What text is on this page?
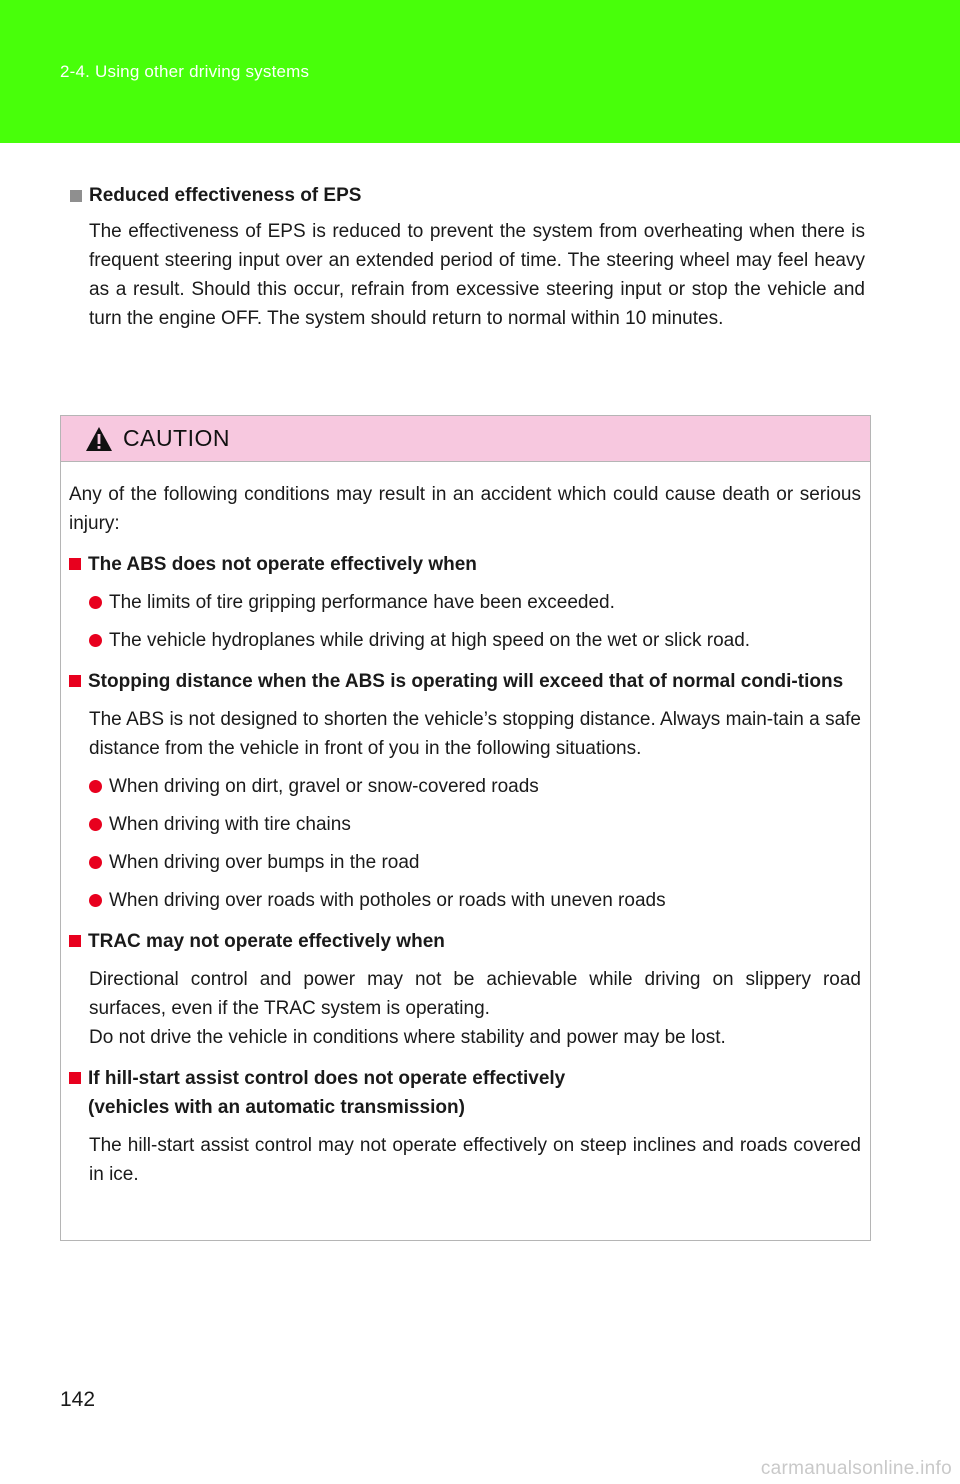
2-4. Using other driving systems
Reduced effectiveness of EPS
The effectiveness of EPS is reduced to prevent the system from overheating when there is frequent steering input over an extended period of time. The steering wheel may feel heavy as a result. Should this occur, refrain from excessive steering input or stop the vehicle and turn the engine OFF. The system should return to normal within 10 minutes.
CAUTION
Any of the following conditions may result in an accident which could cause death or serious injury:
The ABS does not operate effectively when
The limits of tire gripping performance have been exceeded.
The vehicle hydroplanes while driving at high speed on the wet or slick road.
Stopping distance when the ABS is operating will exceed that of normal condi-tions
The ABS is not designed to shorten the vehicle’s stopping distance. Always main-tain a safe distance from the vehicle in front of you in the following situations.
When driving on dirt, gravel or snow-covered roads
When driving with tire chains
When driving over bumps in the road
When driving over roads with potholes or roads with uneven roads
TRAC may not operate effectively when
Directional control and power may not be achievable while driving on slippery road surfaces, even if the TRAC system is operating.
Do not drive the vehicle in conditions where stability and power may be lost.
If hill-start assist control does not operate effectively
(vehicles with an automatic transmission)
The hill-start assist control may not operate effectively on steep inclines and roads covered in ice.
142
carmanualsonline.info
